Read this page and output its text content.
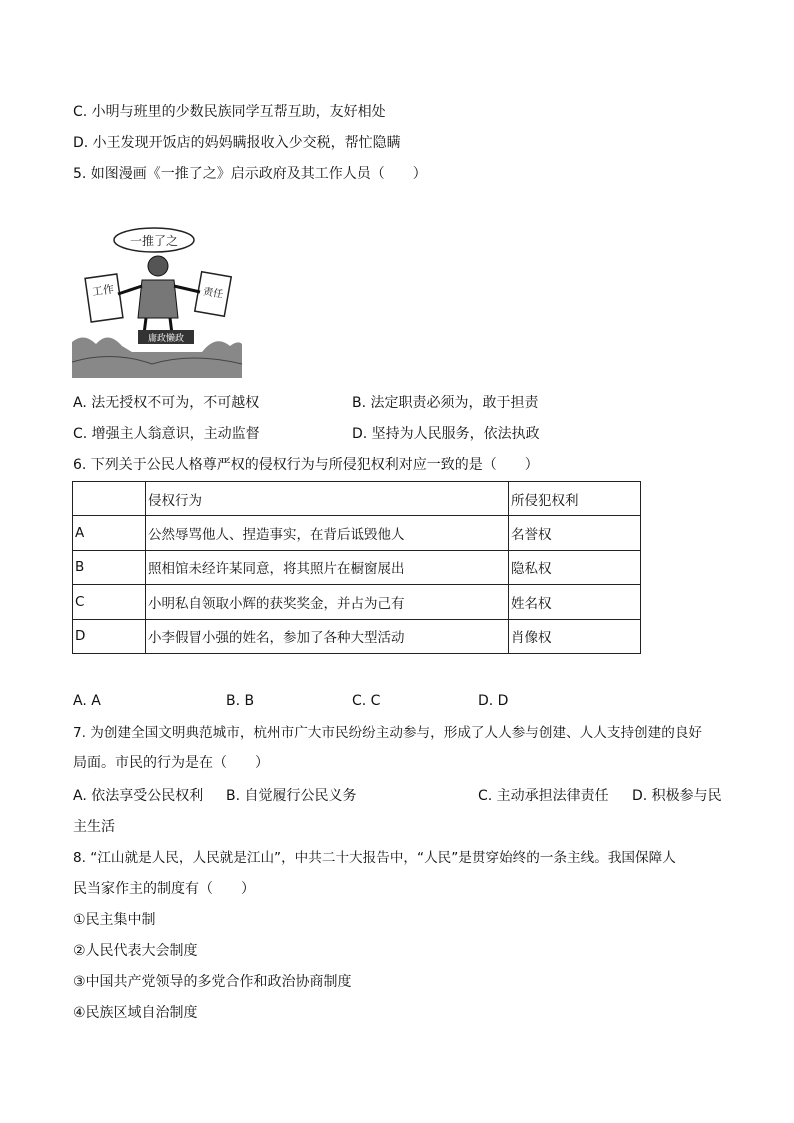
C. 小明与班里的少数民族同学互帮互助，友好相处
D. 小王发现开饭店的妈妈瞒报收入少交税，帮忙隐瞒
5. 如图漫画《一推了之》启示政府及其工作人员（　　）
一推了之
工作	责任
庸政懒政
A. 法无授权不可为，不可越权	B. 法定职责必须为，敢于担责
C. 增强主人翁意识，主动监督	D. 坚持为人民服务，依法执政
6. 下列关于公民人格尊严权的侵权行为与所侵犯权利对应一致的是（　　）
	侵权行为	所侵犯权利
A	公然辱骂他人、捏造事实，在背后诋毁他人	名誉权
B	照相馆未经许某同意，将其照片在橱窗展出	隐私权
C	小明私自领取小辉的获奖奖金，并占为己有	姓名权
D	小李假冒小强的姓名，参加了各种大型活动	肖像权
A. A	B. B	C. C	D. D
7. 为创建全国文明典范城市，杭州市广大市民纷纷主动参与，形成了人人参与创建、人人支持创建的良好
局面。市民的行为是在（　　）
A. 依法享受公民权利 B. 自觉履行公民义务	C. 主动承担法律责任 D. 积极参与民
主生活
8. “江山就是人民，人民就是江山”，中共二十大报告中，“人民”是贯穿始终的一条主线。我国保障人
民当家作主的制度有（　　）
①民主集中制
②人民代表大会制度
③中国共产党领导的多党合作和政治协商制度
④民族区域自治制度
